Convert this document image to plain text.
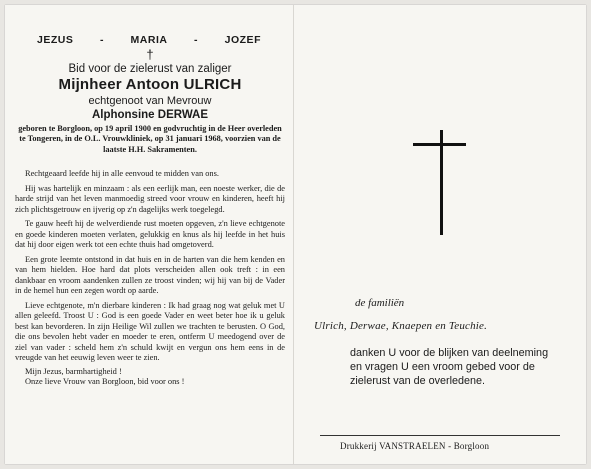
JEZUS	-	MARIA	-	JOZEF
†
Bid voor de zielerust van zaliger
Mijnheer Antoon ULRICH
echtgenoot van Mevrouw
Alphonsine DERWAE
geboren te Borgloon, op 19 april 1900 en godvruchtig in de Heer overleden te Tongeren, in de O.L. Vrouwkliniek, op 31 januari 1968, voorzien van de laatste H.H. Sakramenten.
Rechtgeaard leefde hij in alle eenvoud te midden van ons.
Hij was hartelijk en minzaam : als een eerlijk man, een noeste werker, die de harde strijd van het leven manmoedig streed voor vrouw en kinderen, heeft hij zich plichtsgetrouw en ijverig op z'n dagelijks werk toegelegd.
Te gauw heeft hij de welverdiende rust moeten opgeven, z'n lieve echtgenote en goede kinderen moeten verlaten, gelukkig en knus als hij leefde in het huis dat hij door eigen werk tot een echte thuis had omgetoverd.
Een grote leemte ontstond in dat huis en in de harten van die hem kenden en van hem hielden. Hoe hard dat plots verscheiden allen ook treft : in een dankbaar en vroom aandenken zullen ze troost vinden; wij hij van bij de Vader in de hemel hun een zegen wordt op aarde.
Lieve echtgenote, m'n dierbare kinderen : Ik had graag nog wat geluk met U allen geleefd. Troost U : God is een goede Vader en weet beter hoe ik u geluk best kan bevorderen. In zijn Heilige Wil zullen we trachten te berusten. O God, die ons bevolen hebt vader en moeder te eren, ontferm U meedogend over de ziel van vader : scheld hem z'n schuld kwijt en vergun ons hem eens in de vreugde van het eeuwig leven weer te zien.
Mijn Jezus, barmhartigheid !
Onze lieve Vrouw van Borgloon, bid voor ons !
de familiën
Ulrich, Derwae, Knaepen en Teuchie.
danken U voor de blijken van deelneming en vragen U een vroom gebed voor de zielerust van de overledene.
Drukkerij VANSTRAELEN - Borgloon
